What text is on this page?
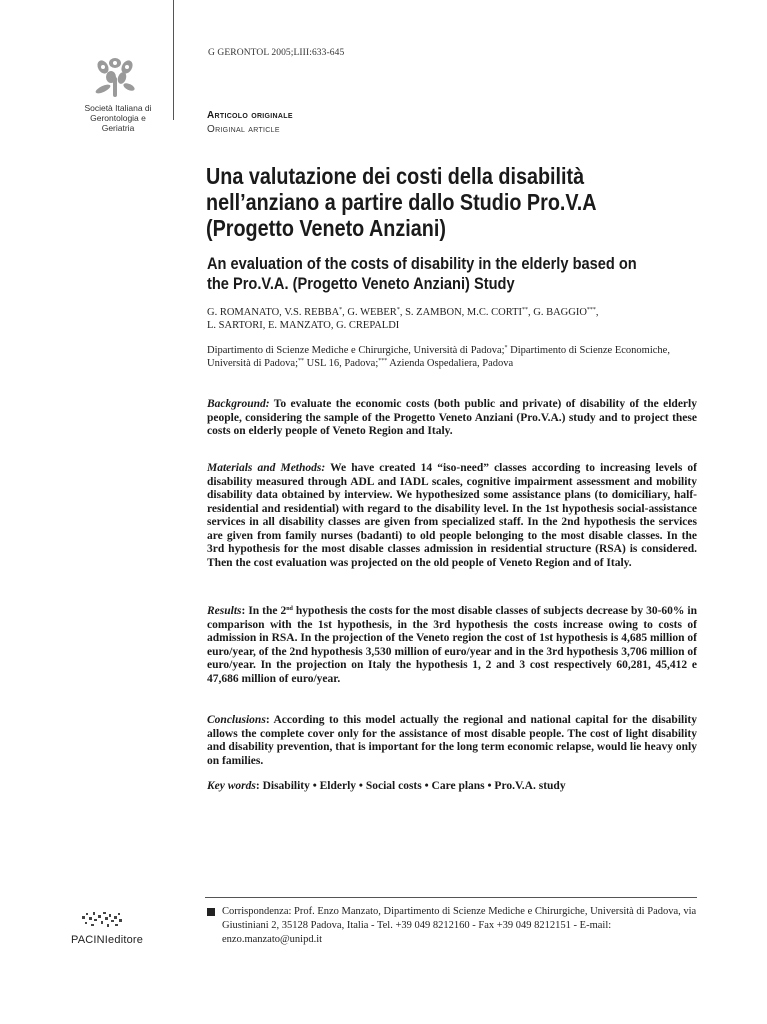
Società Italiana di
Gerontologia e
Geriatria
G GERONTOL 2005;LIII:633-645
Articolo originale
Original article
Una valutazione dei costi della disabilità
nell’anziano a partire dallo Studio Pro.V.A
(Progetto Veneto Anziani)
An evaluation of the costs of disability in the elderly based on
the Pro.V.A. (Progetto Veneto Anziani) Study
G. ROMANATO, V.S. REBBA*, G. WEBER*, S. ZAMBON, M.C. CORTI**, G. BAGGIO***,
L. SARTORI, E. MANZATO, G. CREPALDI
Dipartimento di Scienze Mediche e Chirurgiche, Università di Padova;* Dipartimento di Scienze Economiche, Università di Padova;** USL 16, Padova;*** Azienda Ospedaliera, Padova

Background: To evaluate the economic costs (both public and private) of disability of the elderly people, considering the sample of the Progetto Veneto Anziani (Pro.V.A.) study and to project these costs on elderly people of Veneto Region and Italy.

Materials and Methods: We have created 14 “iso-need” classes according to increasing levels of disability measured through ADL and IADL scales, cognitive impairment assessment and mobility disability data obtained by interview. We hypothesized some assistance plans (to domiciliary, half-residential and residential) with regard to the disability level. In the 1st hypothesis social-assistance services in all disability classes are given from specialized staff. In the 2nd hypothesis the services are given from family nurses (badanti) to old people belonging to the most disable classes. In the 3rd hypothesis for the most disable classes admission in residential structure (RSA) is considered. Then the cost evaluation was projected on the old people of Veneto Region and of Italy.

Results: In the 2nd hypothesis the costs for the most disable classes of subjects decrease by 30-60% in comparison with the 1st hypothesis, in the 3rd hypothesis the costs increase owing to costs of admission in RSA. In the projection of the Veneto region the cost of 1st hypothesis is 4,685 million of euro/year, of the 2nd hypothesis 3,530 million of euro/year and in the 3rd hypothesis 3,706 million of euro/year. In the projection on Italy the hypothesis 1, 2 and 3 cost respectively 60,281, 45,412 e 47,686 million of euro/year.

Conclusions: According to this model actually the regional and national capital for the disability allows the complete cover only for the assistance of most disable people. The cost of light disability and disability prevention, that is important for the long term economic relapse, would lie heavy only on families.

Key words: Disability • Elderly • Social costs • Care plans • Pro.V.A. study

Corrispondenza: Prof. Enzo Manzato, Dipartimento di Scienze Mediche e Chirurgiche, Università di Padova, via Giustiniani 2, 35128 Padova, Italia - Tel. +39 049 8212160 - Fax +39 049 8212151 - E-mail: enzo.manzato@unipd.it
PACINIeditore
